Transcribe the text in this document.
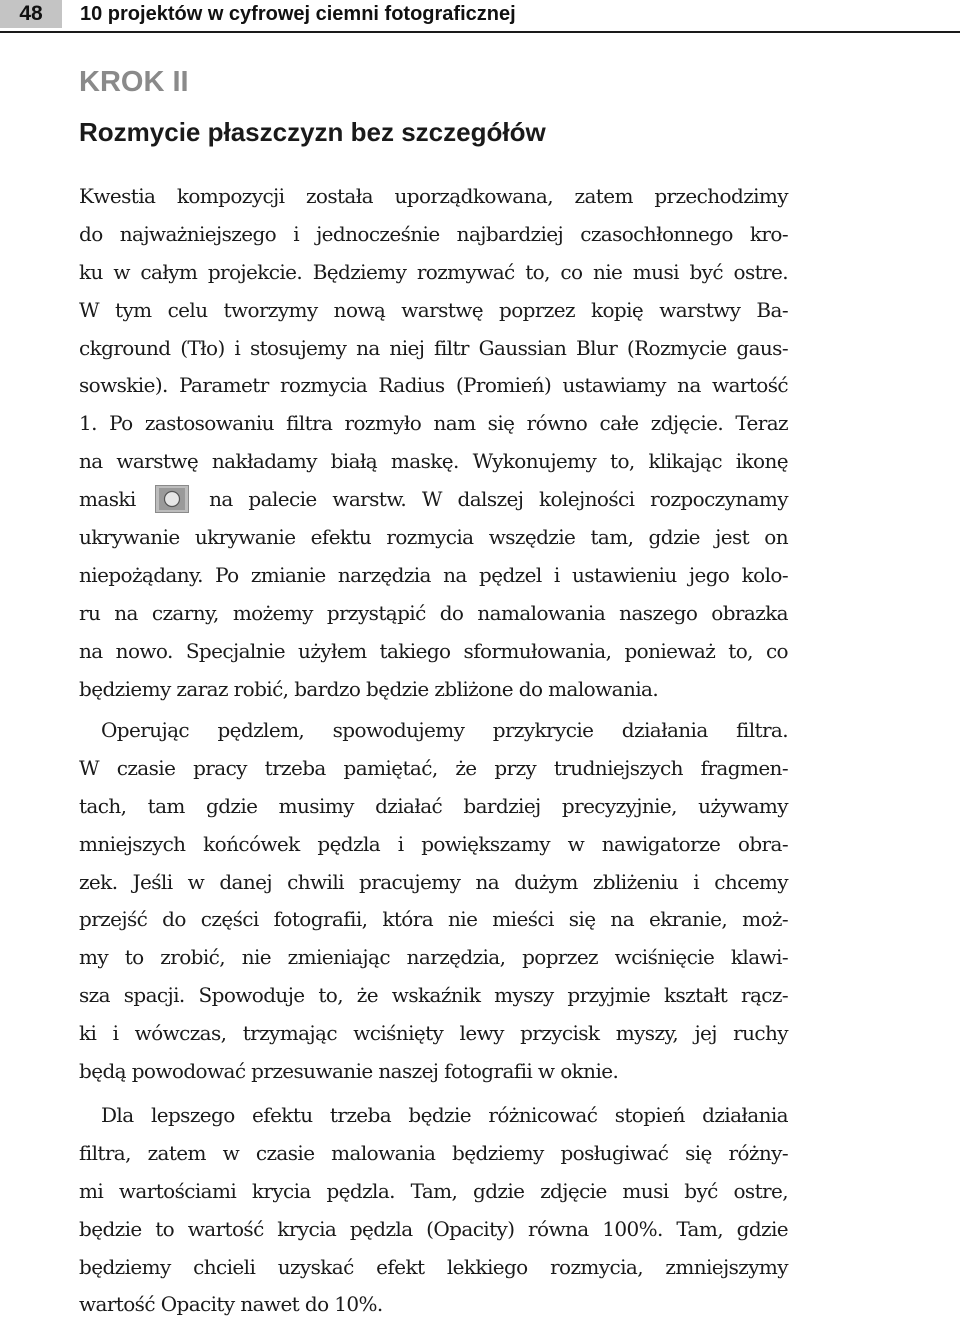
48	10 projektów w cyfrowej ciemni fotograficznej
KROK II
Rozmycie płaszczyzn bez szczegółów
Kwestia kompozycji została uporządkowana, zatem przechodzimy
do najważniejszego i jednocześnie najbardziej czasochłonnego kro-
ku w całym projekcie. Będziemy rozmywać to, co nie musi być ostre.
W tym celu tworzymy nową warstwę poprzez kopię warstwy Ba-
ckground (Tło) i stosujemy na niej filtr Gaussian Blur (Rozmycie gaus-
sowskie). Parametr rozmycia Radius (Promień) ustawiamy na wartość
1. Po zastosowaniu filtra rozmyło nam się równo całe zdjęcie. Teraz
na warstwę nakładamy białą maskę. Wykonujemy to, klikając ikonę
maski	na palecie warstw. W dalszej kolejności rozpoczynamy
ukrywanie ukrywanie efektu rozmycia wszędzie tam, gdzie jest on
niepożądany. Po zmianie narzędzia na pędzel i ustawieniu jego kolo-
ru na czarny, możemy przystąpić do namalowania naszego obrazka
na nowo. Specjalnie użyłem takiego sformułowania, ponieważ to, co
będziemy zaraz robić, bardzo będzie zbliżone do malowania.
Operując pędzlem, spowodujemy przykrycie działania filtra.
W czasie pracy trzeba pamiętać, że przy trudniejszych fragmen-
tach, tam gdzie musimy działać bardziej precyzyjnie, używamy
mniejszych końcówek pędzla i powiększamy w nawigatorze obra-
zek. Jeśli w danej chwili pracujemy na dużym zbliżeniu i chcemy
przejść do części fotografii, która nie mieści się na ekranie, moż-
my to zrobić, nie zmieniając narzędzia, poprzez wciśnięcie klawi-
sza spacji. Spowoduje to, że wskaźnik myszy przyjmie kształt rącz-
ki i wówczas, trzymając wciśnięty lewy przycisk myszy, jej ruchy
będą powodować przesuwanie naszej fotografii w oknie.
Dla lepszego efektu trzeba będzie różnicować stopień działania
filtra, zatem w czasie malowania będziemy posługiwać się różny-
mi wartościami krycia pędzla. Tam, gdzie zdjęcie musi być ostre,
będzie to wartość krycia pędzla (Opacity) równa 100%. Tam, gdzie
będziemy chcieli uzyskać efekt lekkiego rozmycia, zmniejszymy
wartość Opacity nawet do 10%.
